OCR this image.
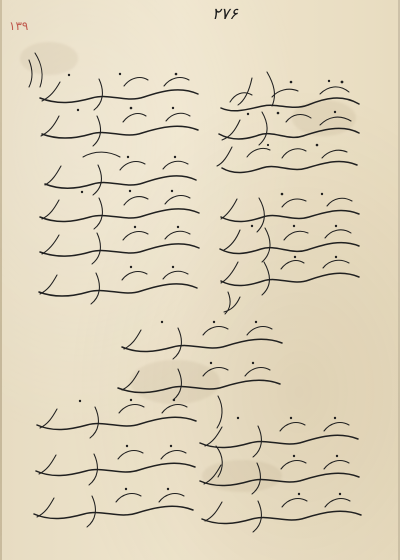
١٣٩
٢٧۶
